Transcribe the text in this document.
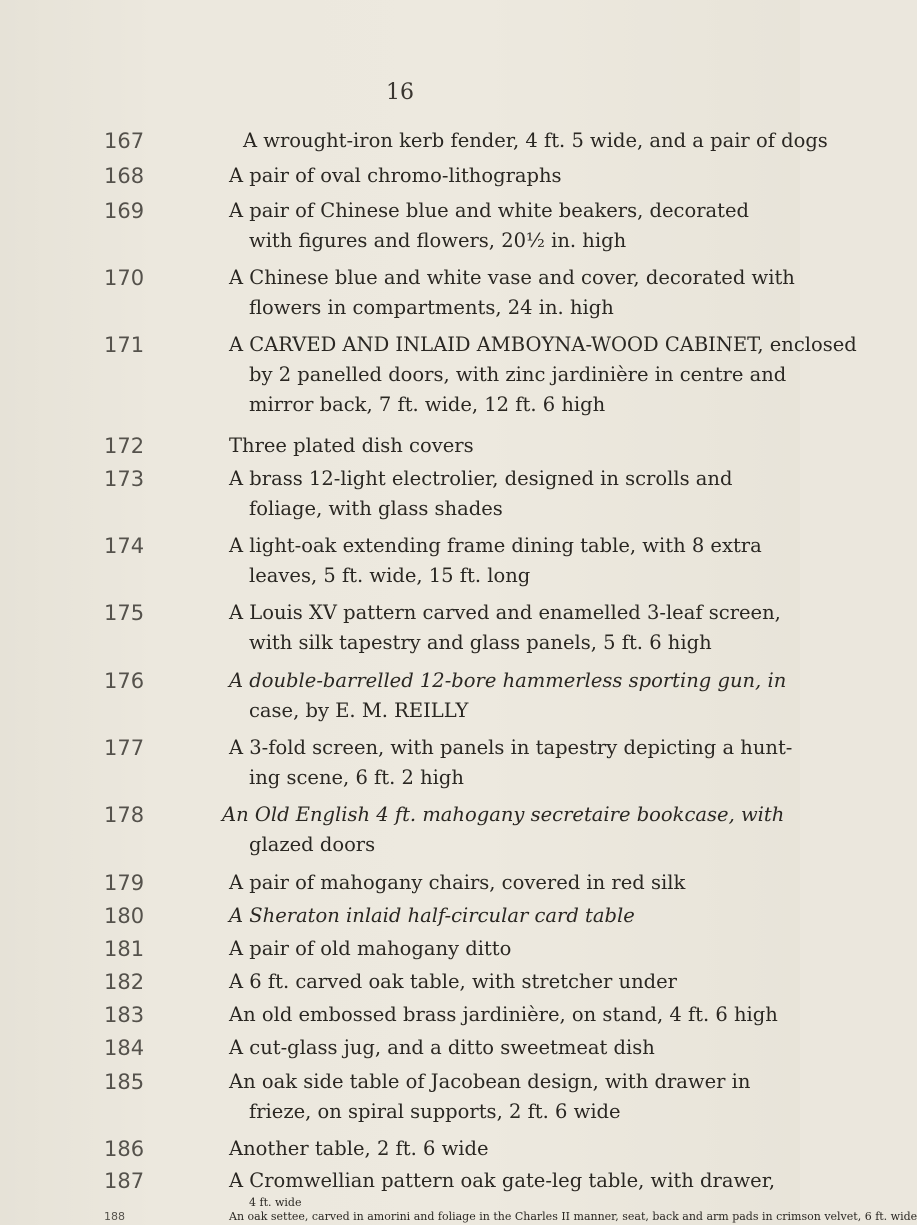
16
167	A wrought-iron kerb fender, 4 ft. 5 wide, and a pair of dogs
168	A pair of oval chromo-lithographs
169	A pair of Chinese blue and white beakers, decorated
with figures and flowers, 20½ in. high
170	A Chinese blue and white vase and cover, decorated with
flowers in compartments, 24 in. high
171	A CARVED AND INLAID AMBOYNA-WOOD CABINET, enclosed
by 2 panelled doors, with zinc jardinière in centre and
mirror back, 7 ft. wide, 12 ft. 6 high
172	Three plated dish covers
173	A brass 12-light electrolier, designed in scrolls and
foliage, with glass shades
174	A light-oak extending frame dining table, with 8 extra
leaves, 5 ft. wide, 15 ft. long
175	A Louis XV pattern carved and enamelled 3-leaf screen,
with silk tapestry and glass panels, 5 ft. 6 high
176	A double-barrelled 12-bore hammerless sporting gun, in
case, by E. M. REILLY
177	A 3-fold screen, with panels in tapestry depicting a hunt-
ing scene, 6 ft. 2 high
178	An Old English 4 ft. mahogany secretaire bookcase, with
glazed doors
179	A pair of mahogany chairs, covered in red silk
180	A Sheraton inlaid half-circular card table
181	A pair of old mahogany ditto
182	A 6 ft. carved oak table, with stretcher under
183	An old embossed brass jardinière, on stand, 4 ft. 6 high
184	A cut-glass jug, and a ditto sweetmeat dish
185	An oak side table of Jacobean design, with drawer in
frieze, on spiral supports, 2 ft. 6 wide
186	Another table, 2 ft. 6 wide
187	A Cromwellian pattern oak gate-leg table, with drawer,
4 ft. wide
188	An oak settee, carved in amorini and foliage in the Charles II manner, seat, back and arm pads in crimson velvet, 6 ft. wide
